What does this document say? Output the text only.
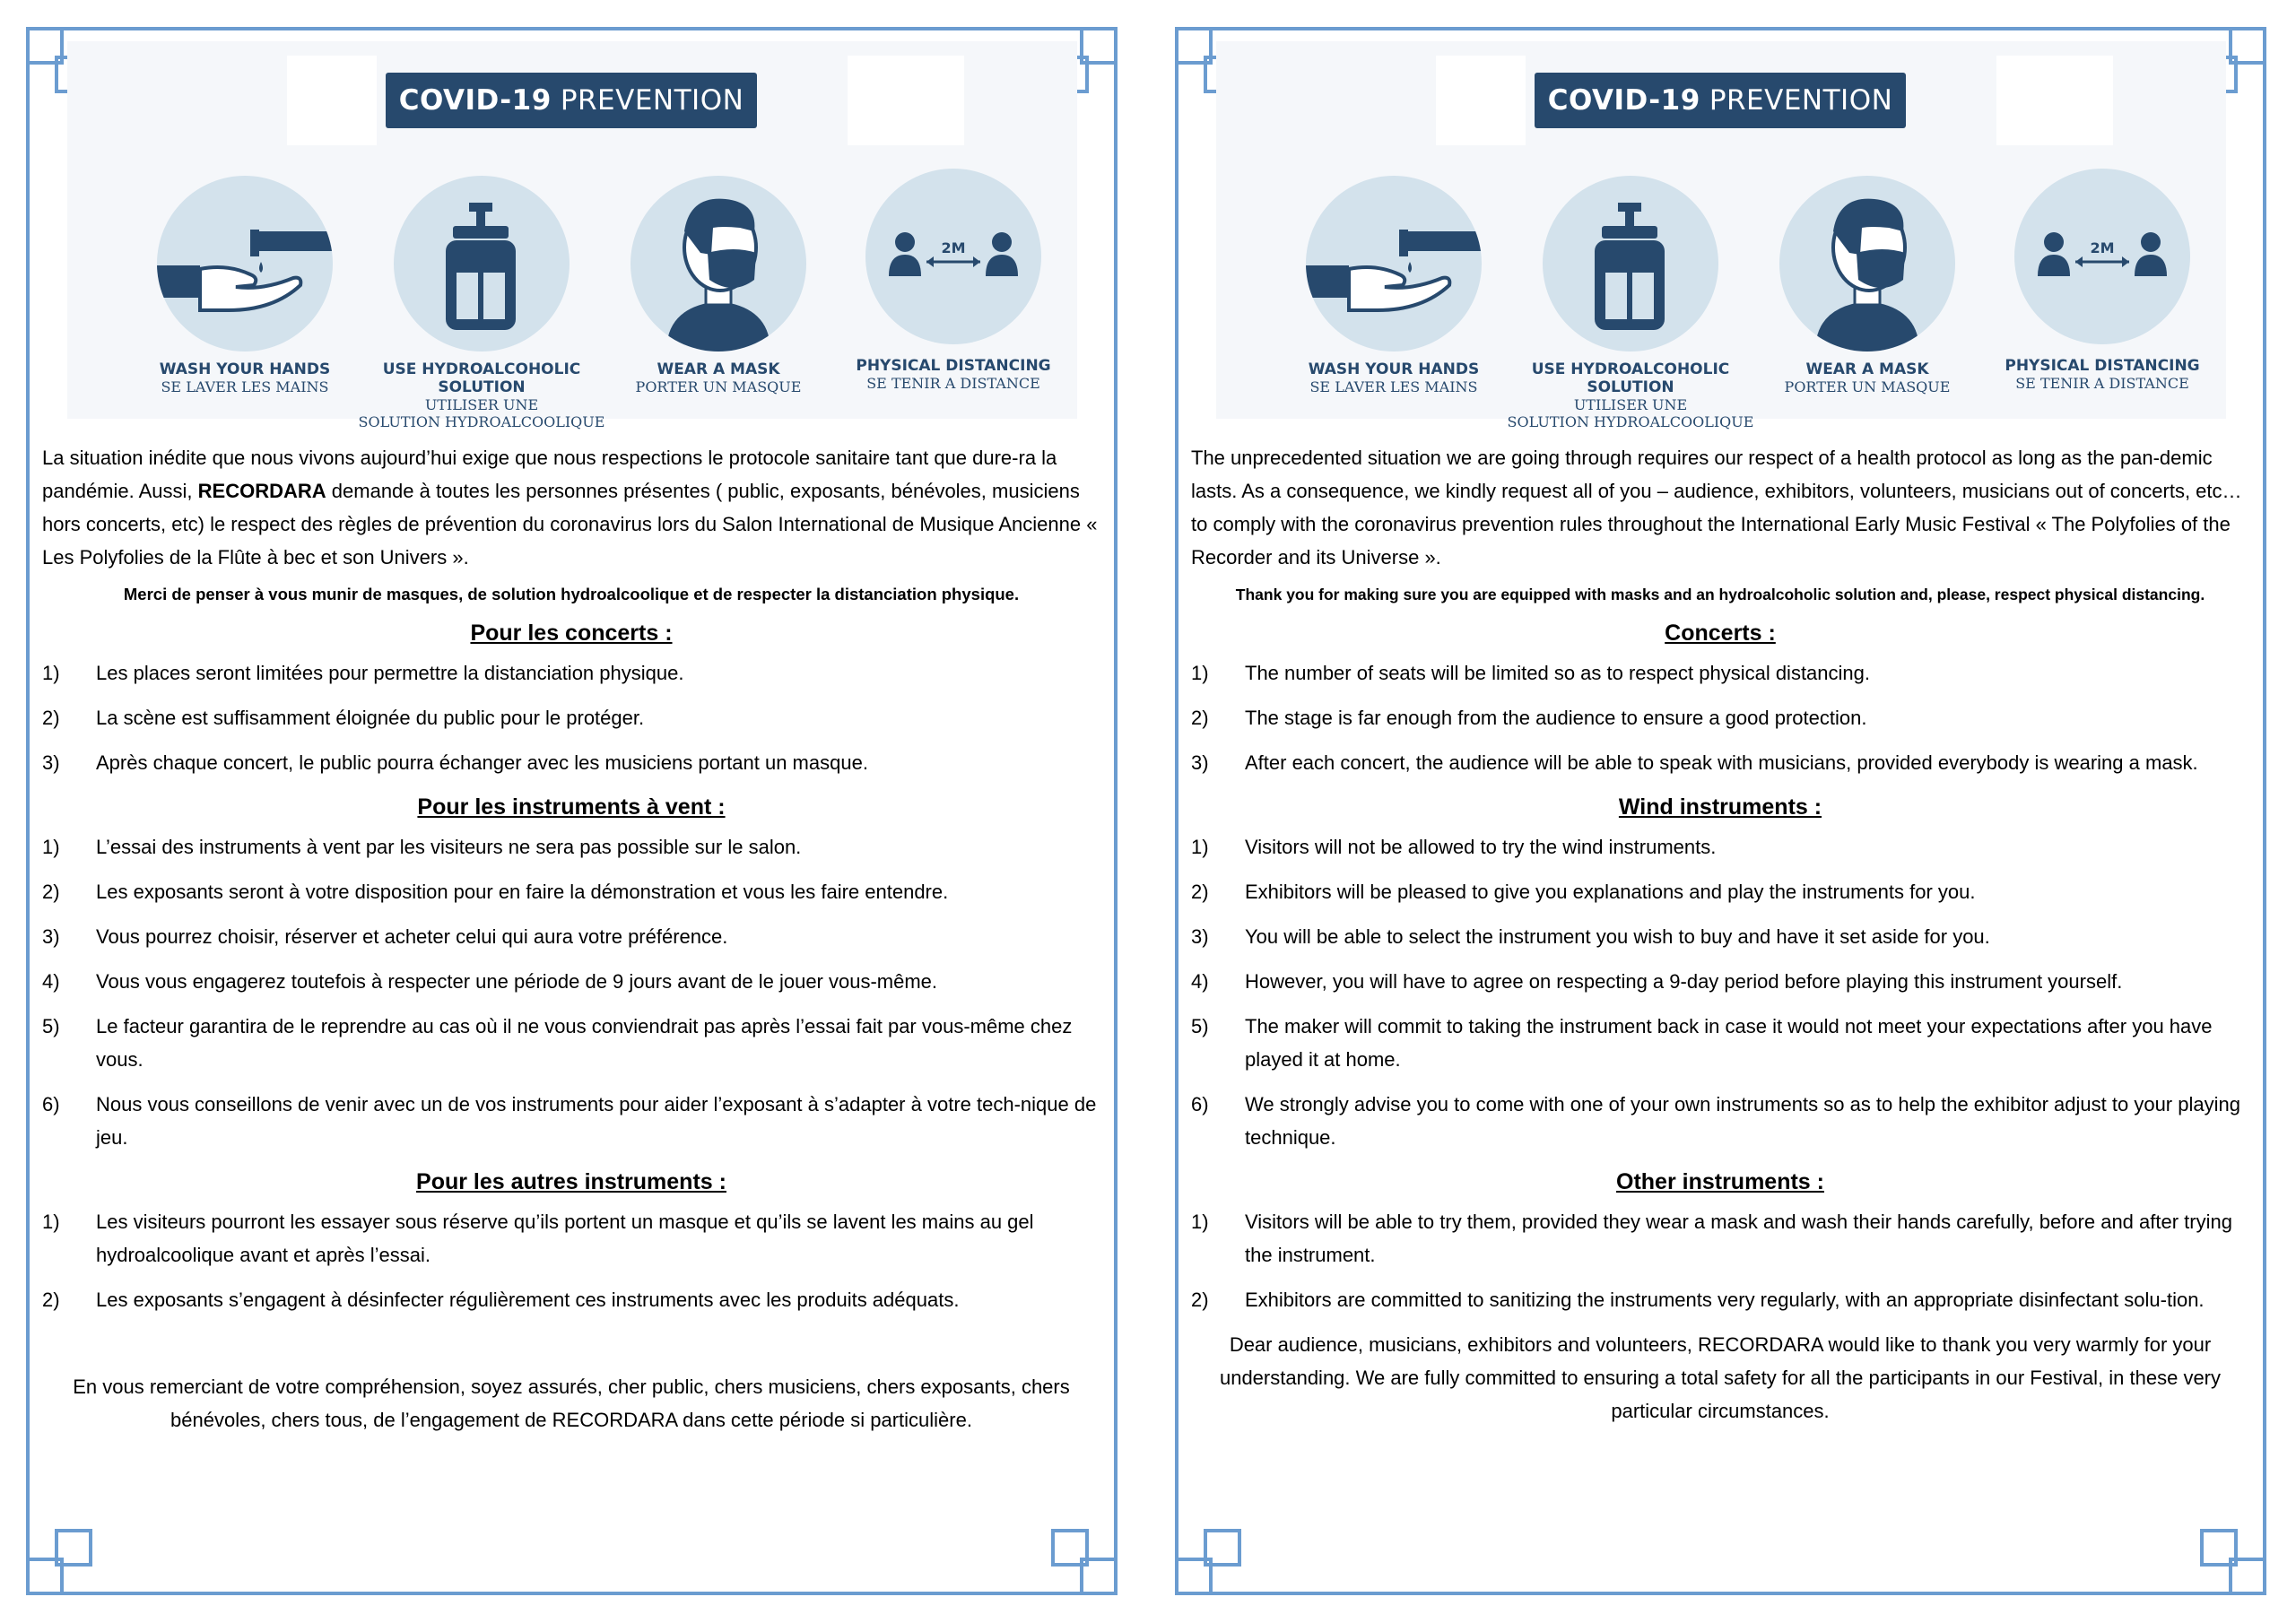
COVID-19 PREVENTION
WASH YOUR HANDS
SE LAVER LES MAINS
USE HYDROALCOHOLIC SOLUTION
UTILISER UNE
SOLUTION HYDROALCOOLIQUE
WEAR A MASK
PORTER UN MASQUE
2M
PHYSICAL DISTANCING
SE TENIR A DISTANCE

La situation inédite que nous vivons aujourd’hui exige que nous respections le protocole sanitaire tant que dure-ra la pandémie. Aussi, RECORDARA demande à toutes les personnes présentes ( public, exposants, bénévoles, musiciens hors concerts, etc) le respect des règles de prévention du coronavirus lors du Salon International de Musique Ancienne « Les Polyfolies de la Flûte à bec et son Univers ».

Merci de penser à vous munir de masques, de solution hydroalcoolique et de respecter la distanciation physique.
Pour les concerts :
1)	Les places seront limitées pour permettre la distanciation physique.
2)	La scène est suffisamment éloignée du public pour le protéger.
3)	Après chaque concert, le public pourra échanger avec les musiciens portant un masque.
Pour les instruments à vent :
1)	L’essai des instruments à vent par les visiteurs ne sera pas possible sur le salon.
2)	Les exposants seront à votre disposition pour en faire la démonstration et vous les faire entendre.
3)	Vous pourrez choisir, réserver et acheter celui qui aura votre préférence.
4)	Vous vous engagerez toutefois à respecter une période de 9 jours avant de le jouer vous-même.
5)	Le facteur garantira de le reprendre au cas où il ne vous conviendrait pas après l’essai fait par vous-même chez vous.
6)	Nous vous conseillons de venir avec un de vos instruments pour aider l’exposant à s’adapter à votre tech-nique de jeu.
Pour les autres instruments :
1)	Les visiteurs pourront les essayer sous réserve qu’ils portent un masque et qu’ils se lavent les mains au gel hydroalcoolique avant et après l’essai.
2)	Les exposants s’engagent à désinfecter régulièrement ces instruments avec les produits adéquats.

En vous remerciant de votre compréhension, soyez assurés, cher public, chers musiciens, chers exposants, chers bénévoles, chers tous, de l’engagement de RECORDARA dans cette période si particulière.

COVID-19 PREVENTION
WASH YOUR HANDS
SE LAVER LES MAINS
USE HYDROALCOHOLIC SOLUTION
UTILISER UNE
SOLUTION HYDROALCOOLIQUE
WEAR A MASK
PORTER UN MASQUE
2M
PHYSICAL DISTANCING
SE TENIR A DISTANCE

The unprecedented situation we are going through requires our respect of a health protocol as long as the pan-demic lasts. As a consequence, we kindly request all of you – audience, exhibitors, volunteers, musicians out of concerts, etc… to comply with the coronavirus prevention rules throughout the International Early Music Festival « The Polyfolies of the Recorder and its Universe ».

Thank you for making sure you are equipped with masks and an hydroalcoholic solution and, please, respect physical distancing.
Concerts :
1)	The number of seats will be limited so as to respect physical distancing.
2)	The stage is far enough from the audience to ensure a good protection.
3)	After each concert, the audience will be able to speak with musicians, provided everybody is wearing a mask.
Wind instruments :
1)	Visitors will not be allowed to try the wind instruments.
2)	Exhibitors will be pleased to give you explanations and play the instruments for you.
3)	You will be able to select the instrument you wish to buy and have it set aside for you.
4)	However, you will have to agree on respecting a 9-day period before playing this instrument yourself.
5)	The maker will commit to taking the instrument back in case it would not meet your expectations after you have played it at home.
6)	We strongly advise you to come with one of your own instruments so as to help the exhibitor adjust to your playing technique.
Other instruments :
1)	Visitors will be able to try them, provided they wear a mask and wash their hands carefully, before and after trying the instrument.
2)	Exhibitors are committed to sanitizing the instruments very regularly, with an appropriate disinfectant solu-tion.

Dear audience, musicians, exhibitors and volunteers, RECORDARA would like to thank you very warmly for your understanding. We are fully committed to ensuring a total safety for all the participants in our Festival, in these very particular circumstances.
